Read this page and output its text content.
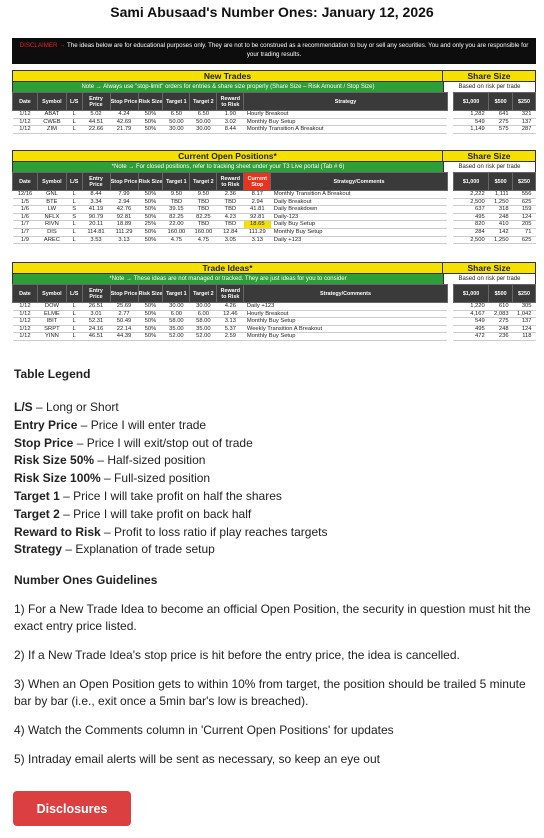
Sami Abusaad's Number Ones: January 12, 2026
DISCLAIMER → The ideas below are for educational purposes only. They are not to be construed as a recommendation to buy or sell any securities. You and only you are responsible for your trading results.
New Trades	Share Size
Note → Always use "stop-limit" orders for entries & share size properly (Share Size – Risk Amount / Stop Size)	Based on risk per trade
Date	Symbol	L/S	Entry Price	Stop Price	Risk Size	Target 1	Target 2	Reward to Risk	Strategy		$1,000	$500	$250
1/12	ABAT	L	5.02	4.24	50%	6.50	6.50	1.90	Hourly Breakout		1,282	641	321
1/12	CWEB	L	44.51	42.69	50%	50.00	50.00	3.02	Monthly Buy Setup		549	275	137
1/12	ZIM	L	22.66	21.79	50%	30.00	30.00	8.44	Monthly Transition A Breakout		1,149	575	287
Current Open Positions*	Share Size
*Note → For closed positions, refer to tracking sheet under your T3 Live portal (Tab # 6)	Based on risk per trade
Date	Symbol	L/S	Entry Price	Stop Price	Risk Size	Target 1	Target 2	Reward to Risk	Current Stop	Strategy/Comments		$1,000	$500	$250
12/16	GNL	L	8.44	7.99	50%	9.50	9.50	2.36	8.17	Monthly Transition A Breakout		2,222	1,111	556
1/5	BTE	L	3.34	2.94	50%	TBD	TBD	TBD	2.94	Daily Breakout		2,500	1,250	625
1/6	LW	S	41.19	42.76	50%	39.15	TBD	TBD	41.81	Daily Breakdown		637	318	159
1/6	NFLX	S	90.79	92.81	50%	82.25	82.25	4.23	92.81	Daily-123		495	248	124
1/7	RIVN	L	20.11	18.89	25%	22.00	TBD	TBD	18.65	Daily Buy Setup		820	410	205
1/7	DIS	L	114.81	111.29	50%	160.00	160.00	12.84	111.29	Monthly Buy Setup		284	142	71
1/9	AREC	L	3.53	3.13	50%	4.75	4.75	3.05	3.13	Daily +123		2,500	1,250	625
Trade Ideas*	Share Size
*Note → These ideas are not managed or tracked. They are just ideas for you to consider	Based on risk per trade
Date	Symbol	L/S	Entry Price	Stop Price	Risk Size	Target 1	Target 2	Reward to Risk	Strategy/Comments		$1,000	$500	$250
1/12	DOW	L	26.51	25.69	50%	30.00	30.00	4.26	Daily +123		1,220	610	305
1/12	ELME	L	3.01	2.77	50%	6.00	6.00	12.46	Hourly Breakout		4,167	2,083	1,042
1/12	IBIT	L	52.31	50.49	50%	58.00	58.00	3.13	Monthly Buy Setup		549	275	137
1/12	SRPT	L	24.16	22.14	50%	35.00	35.00	5.37	Weekly Transition A Breakout		495	248	124
1/12	YINN	L	46.51	44.39	50%	52.00	52.00	2.59	Monthly Buy Setup		472	236	118
Table Legend
L/S – Long or Short
Entry Price – Price I will enter trade
Stop Price – Price I will exit/stop out of trade
Risk Size 50% – Half-sized position
Risk Size 100% – Full-sized position
Target 1 – Price I will take profit on half the shares
Target 2 – Price I will take profit on back half
Reward to Risk – Profit to loss ratio if play reaches targets
Strategy – Explanation of trade setup
Number Ones Guidelines

1) For a New Trade Idea to become an official Open Position, the security in question must hit the exact entry price listed.

2) If a New Trade Idea's stop price is hit before the entry price, the idea is cancelled.

3) When an Open Position gets to within 10% from target, the position should be trailed 5 minute bar by bar (i.e., exit once a 5min bar's low is breached).

4) Watch the Comments column in 'Current Open Positions' for updates

5) Intraday email alerts will be sent as necessary, so keep an eye out

Disclosures
